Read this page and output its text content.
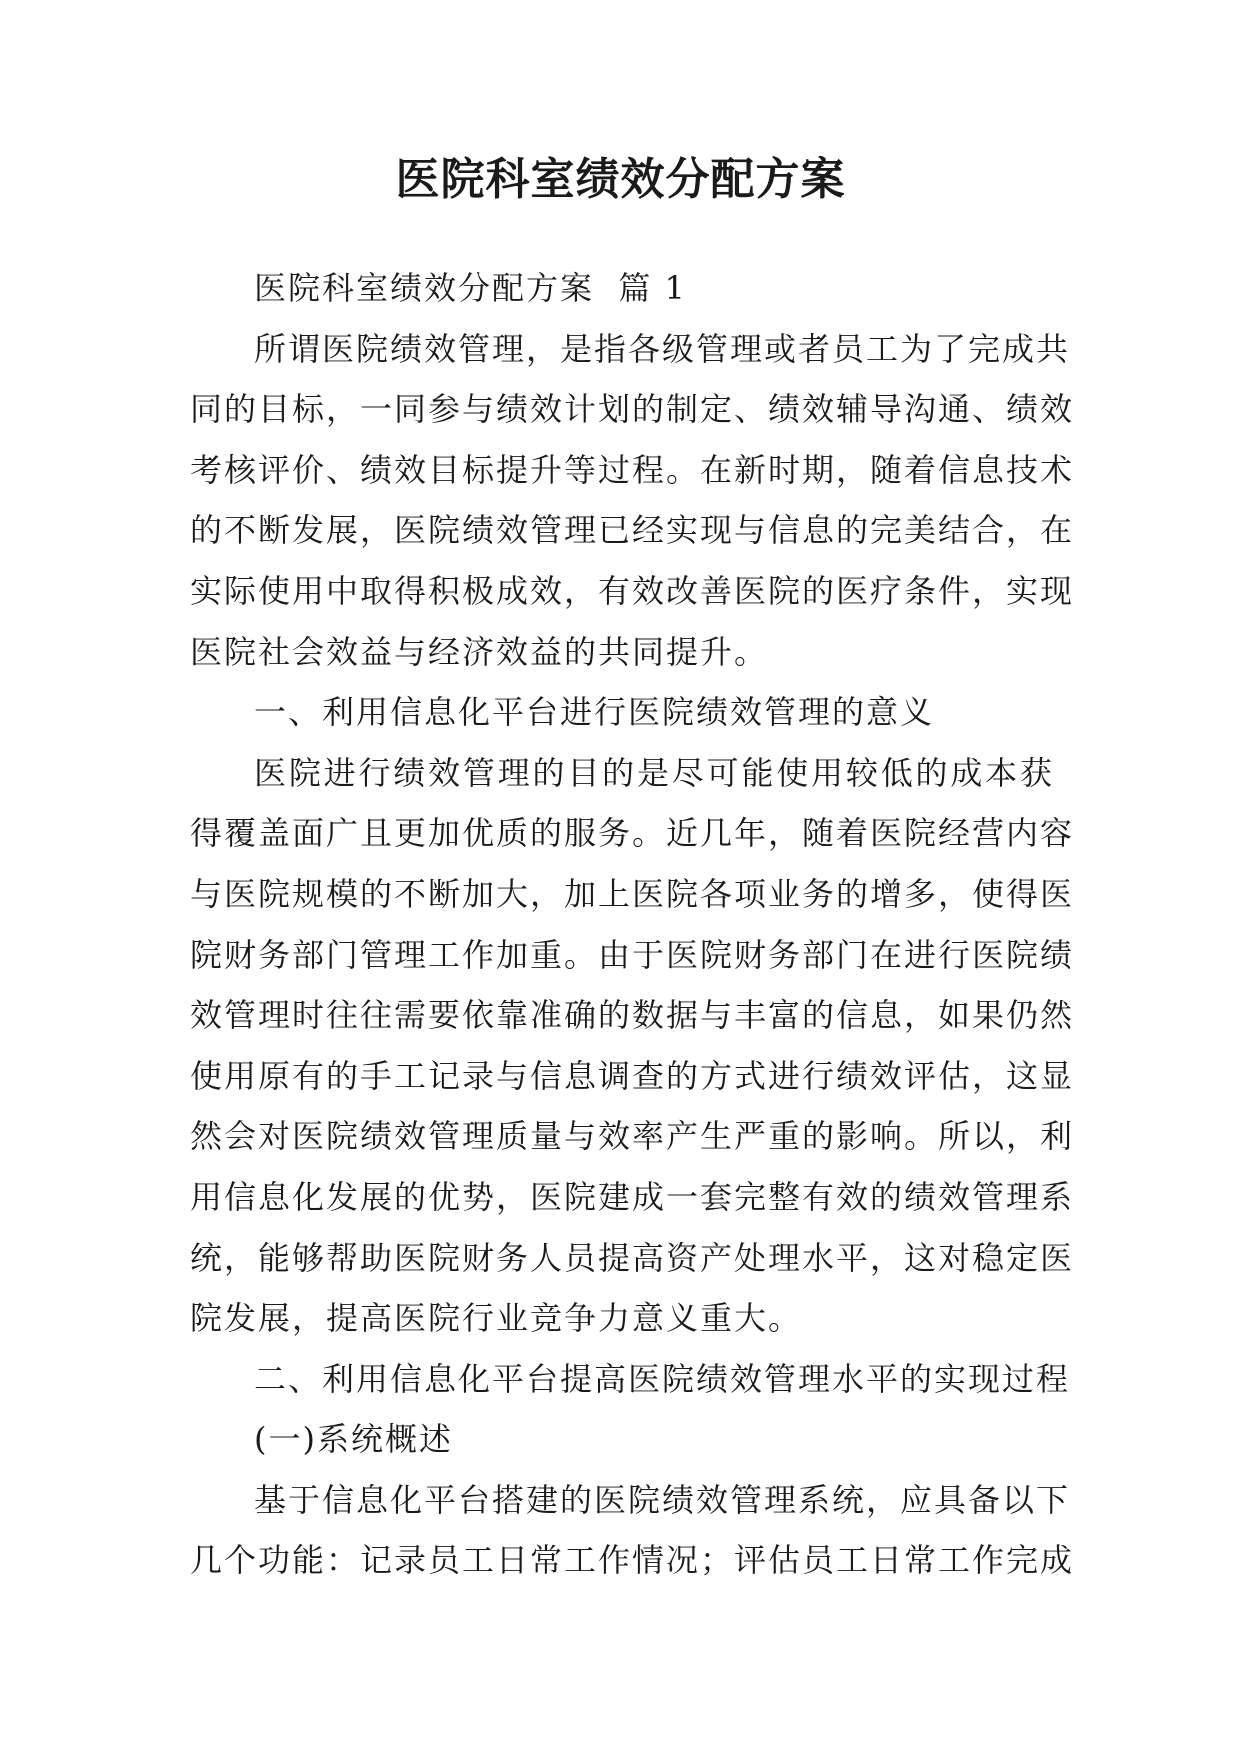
医院科室绩效分配方案

医院科室绩效分配方案  篇 1

所谓医院绩效管理，是指各级管理或者员工为了完成共

同的目标，一同参与绩效计划的制定、绩效辅导沟通、绩效

考核评价、绩效目标提升等过程。在新时期，随着信息技术

的不断发展，医院绩效管理已经实现与信息的完美结合，在

实际使用中取得积极成效，有效改善医院的医疗条件，实现

医院社会效益与经济效益的共同提升。

一、利用信息化平台进行医院绩效管理的意义

医院进行绩效管理的目的是尽可能使用较低的成本获

得覆盖面广且更加优质的服务。近几年，随着医院经营内容

与医院规模的不断加大，加上医院各项业务的增多，使得医

院财务部门管理工作加重。由于医院财务部门在进行医院绩

效管理时往往需要依靠准确的数据与丰富的信息，如果仍然

使用原有的手工记录与信息调查的方式进行绩效评估，这显

然会对医院绩效管理质量与效率产生严重的影响。所以，利

用信息化发展的优势，医院建成一套完整有效的绩效管理系

统，能够帮助医院财务人员提高资产处理水平，这对稳定医

院发展，提高医院行业竞争力意义重大。

二、利用信息化平台提高医院绩效管理水平的实现过程

(一)系统概述

基于信息化平台搭建的医院绩效管理系统，应具备以下

几个功能：记录员工日常工作情况；评估员工日常工作完成
